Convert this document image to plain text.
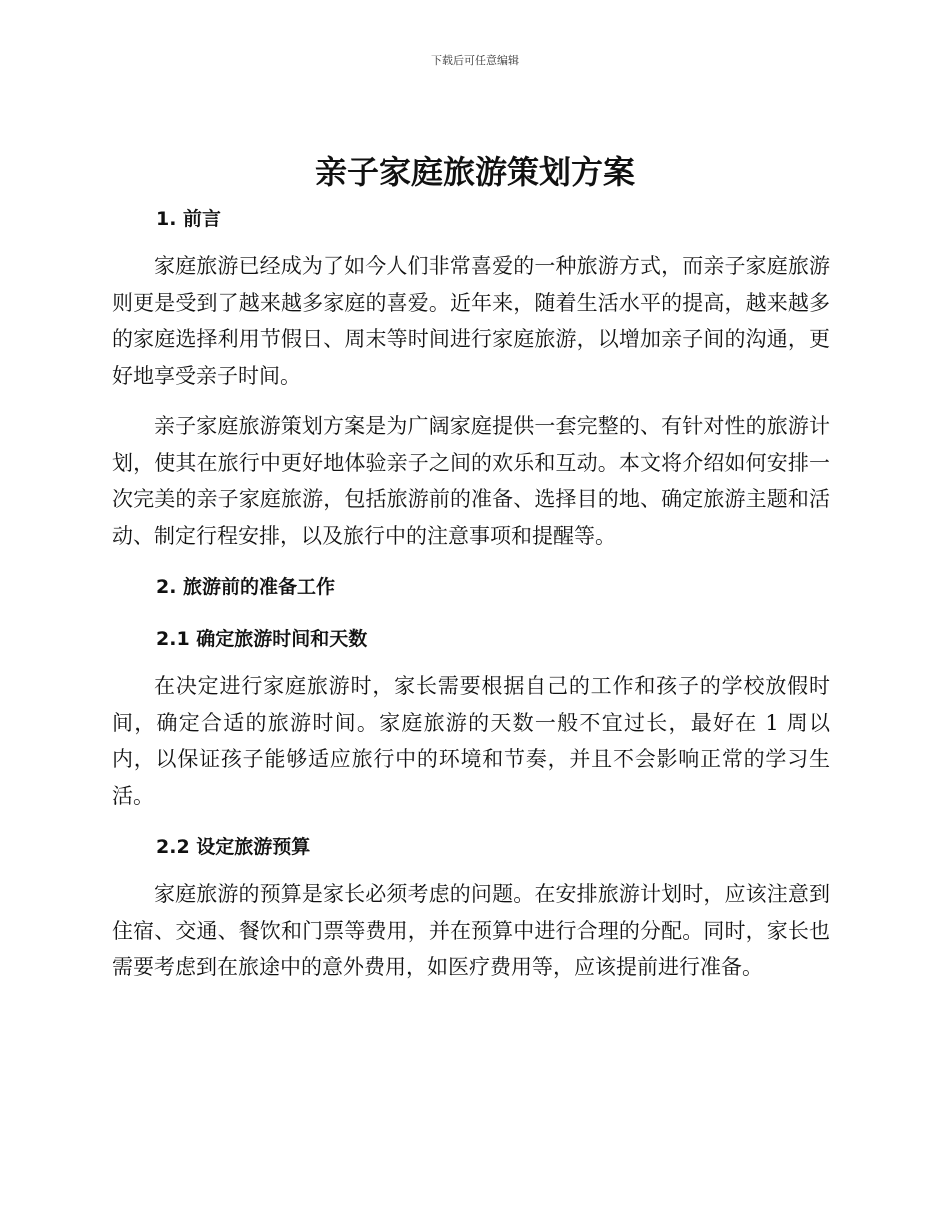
下载后可任意编辑
亲子家庭旅游策划方案
1. 前言

家庭旅游已经成为了如今人们非常喜爱的一种旅游方式，而亲子家庭旅游则更是受到了越来越多家庭的喜爱。近年来，随着生活水平的提高，越来越多的家庭选择利用节假日、周末等时间进行家庭旅游，以增加亲子间的沟通，更好地享受亲子时间。

亲子家庭旅游策划方案是为广阔家庭提供一套完整的、有针对性的旅游计划，使其在旅行中更好地体验亲子之间的欢乐和互动。本文将介绍如何安排一次完美的亲子家庭旅游，包括旅游前的准备、选择目的地、确定旅游主题和活动、制定行程安排，以及旅行中的注意事项和提醒等。

2. 旅游前的准备工作
2.1 确定旅游时间和天数

在决定进行家庭旅游时，家长需要根据自己的工作和孩子的学校放假时间，确定合适的旅游时间。家庭旅游的天数一般不宜过长，最好在 1 周以内，以保证孩子能够适应旅行中的环境和节奏，并且不会影响正常的学习生活。

2.2 设定旅游预算

家庭旅游的预算是家长必须考虑的问题。在安排旅游计划时，应该注意到住宿、交通、餐饮和门票等费用，并在预算中进行合理的分配。同时，家长也需要考虑到在旅途中的意外费用，如医疗费用等，应该提前进行准备。
